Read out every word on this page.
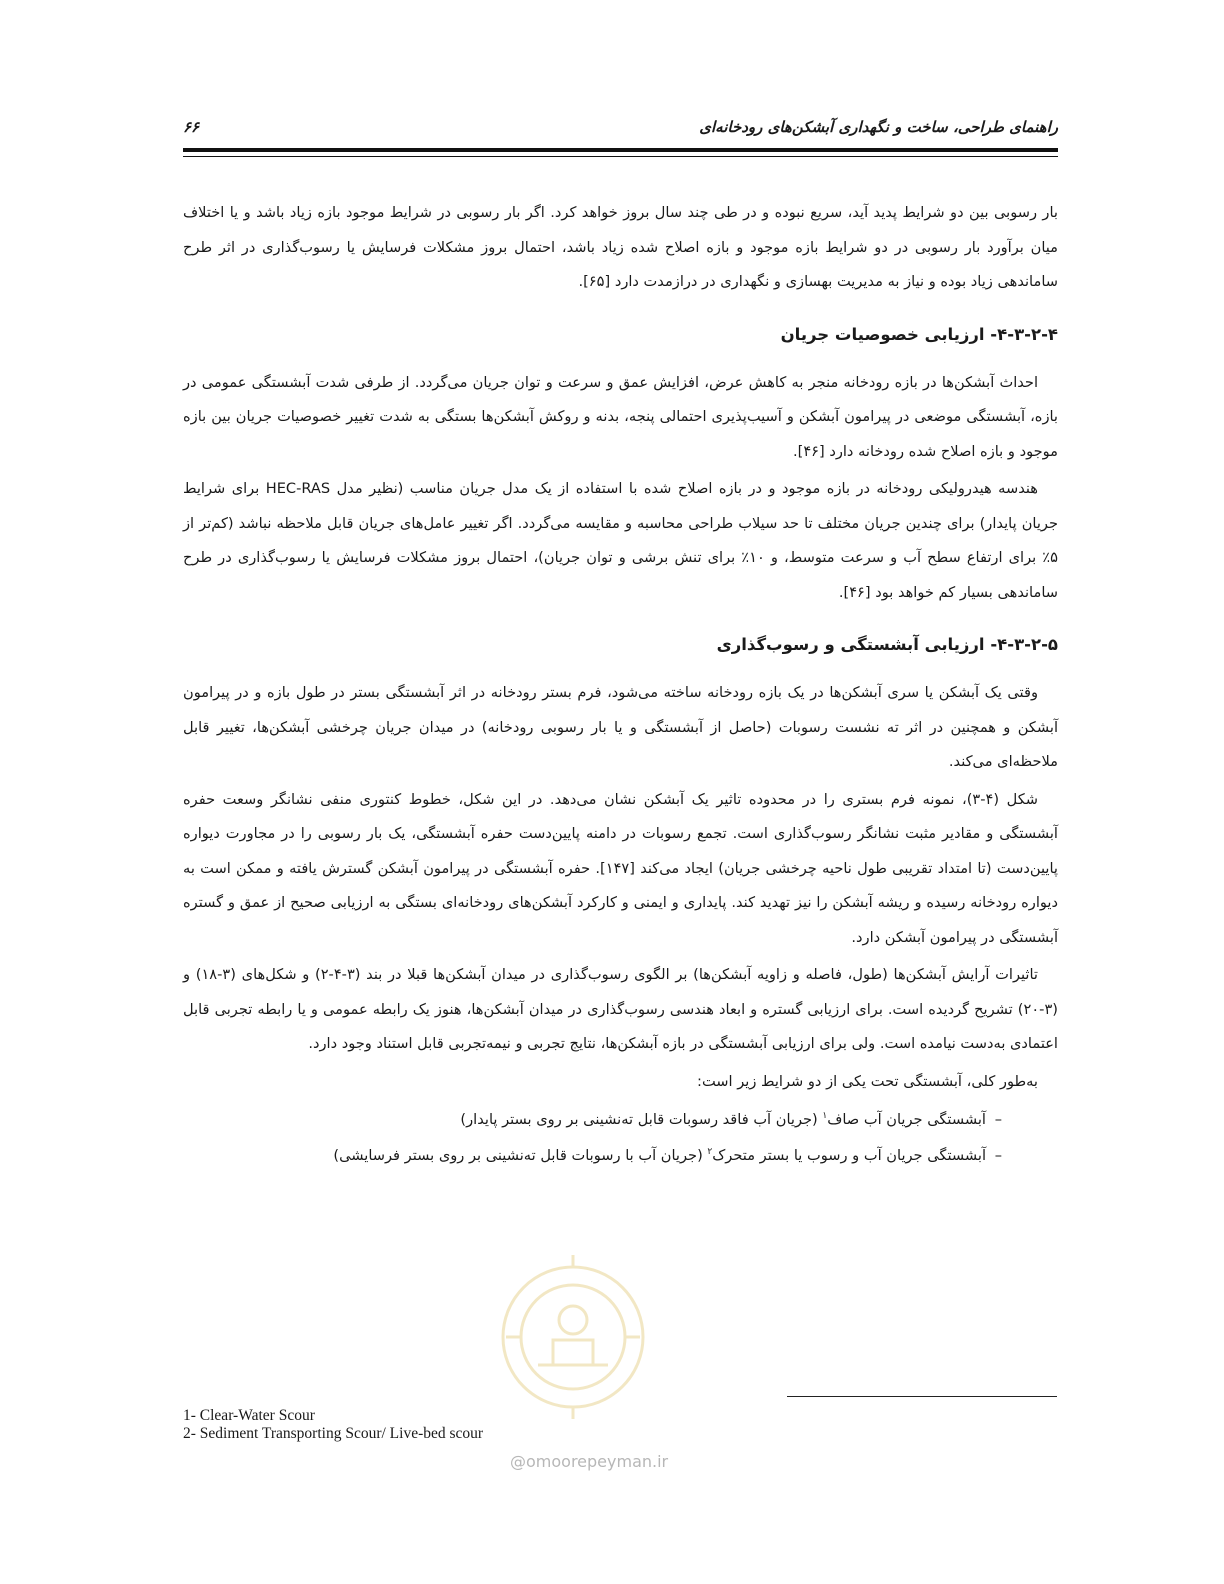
راهنمای طراحی، ساخت و نگهداری آبشکن‌های رودخانه‌ای
۶۶

بار رسوبی بین دو شرایط پدید آید، سریع نبوده و در طی چند سال بروز خواهد کرد. اگر بار رسوبی در شرایط موجود بازه زیاد باشد و یا اختلاف میان برآورد بار رسوبی در دو شرایط بازه موجود و بازه اصلاح شده زیاد باشد، احتمال بروز مشکلات فرسایش یا رسوب‌گذاری در اثر طرح ساماندهی زیاد بوده و نیاز به مدیریت بهسازی و نگهداری در درازمدت دارد [۶۵].

۴-۳-۲-۴- ارزیابی خصوصیات جریان

احداث آبشکن‌ها در بازه رودخانه منجر به کاهش عرض، افزایش عمق و سرعت و توان جریان می‌گردد. از طرفی شدت آبشستگی عمومی در بازه، آبشستگی موضعی در پیرامون آبشکن و آسیب‌پذیری احتمالی پنجه، بدنه و روکش آبشکن‌ها بستگی به شدت تغییر خصوصیات جریان بین بازه موجود و بازه اصلاح شده رودخانه دارد [۴۶].

هندسه هیدرولیکی رودخانه در بازه موجود و در بازه اصلاح شده با استفاده از یک مدل جریان مناسب (نظیر مدل HEC-RAS برای شرایط جریان پایدار) برای چندین جریان مختلف تا حد سیلاب طراحی محاسبه و مقایسه می‌گردد. اگر تغییر عامل‌های جریان قابل ملاحظه نباشد (کم‌تر از ۵٪ برای ارتفاع سطح آب و سرعت متوسط، و ۱۰٪ برای تنش برشی و توان جریان)، احتمال بروز مشکلات فرسایش یا رسوب‌گذاری در طرح ساماندهی بسیار کم خواهد بود [۴۶].

۴-۳-۲-۵- ارزیابی آبشستگی و رسوب‌گذاری

وقتی یک آبشکن یا سری آبشکن‌ها در یک بازه رودخانه ساخته می‌شود، فرم بستر رودخانه در اثر آبشستگی بستر در طول بازه و در پیرامون آبشکن و همچنین در اثر ته نشست رسوبات (حاصل از آبشستگی و یا بار رسوبی رودخانه) در میدان جریان چرخشی آبشکن‌ها، تغییر قابل ملاحظه‌ای می‌کند.

شکل (۴-۳)، نمونه فرم بستری را در محدوده تاثیر یک آبشکن نشان می‌دهد. در این شکل، خطوط کنتوری منفی نشانگر وسعت حفره آبشستگی و مقادیر مثبت نشانگر رسوب‌گذاری است. تجمع رسوبات در دامنه پایین‌دست حفره آبشستگی، یک بار رسوبی را در مجاورت دیواره پایین‌دست (تا امتداد تقریبی طول ناحیه چرخشی جریان) ایجاد می‌کند [۱۴۷]. حفره آبشستگی در پیرامون آبشکن گسترش یافته و ممکن است به دیواره رودخانه رسیده و ریشه آبشکن را نیز تهدید کند. پایداری و ایمنی و کارکرد آبشکن‌های رودخانه‌ای بستگی به ارزیابی صحیح از عمق و گستره آبشستگی در پیرامون آبشکن دارد.

تاثیرات آرایش آبشکن‌ها (طول، فاصله و زاویه آبشکن‌ها) بر الگوی رسوب‌گذاری در میدان آبشکن‌ها قبلا در بند (۳-۴-۲) و شکل‌های (۳-۱۸) و (۳-۲۰) تشریح گردیده است. برای ارزیابی گستره و ابعاد هندسی رسوب‌گذاری در میدان آبشکن‌ها، هنوز یک رابطه عمومی و یا رابطه تجربی قابل اعتمادی به‌دست نیامده است. ولی برای ارزیابی آبشستگی در بازه آبشکن‌ها، نتایج تجربی و نیمه‌تجربی قابل استناد وجود دارد.

به‌طور کلی، آبشستگی تحت یکی از دو شرایط زیر است:

–
آبشستگی جریان آب صاف$^۱$ (جریان آب فاقد رسوبات قابل ته‌نشینی بر روی بستر پایدار)
–
آبشستگی جریان آب و رسوب یا بستر متحرک$^۲$ (جریان آب با رسوبات قابل ته‌نشینی بر روی بستر فرسایشی)
1- Clear-Water Scour
2- Sediment Transporting Scour/ Live-bed scour
@omoorepeyman.ir
